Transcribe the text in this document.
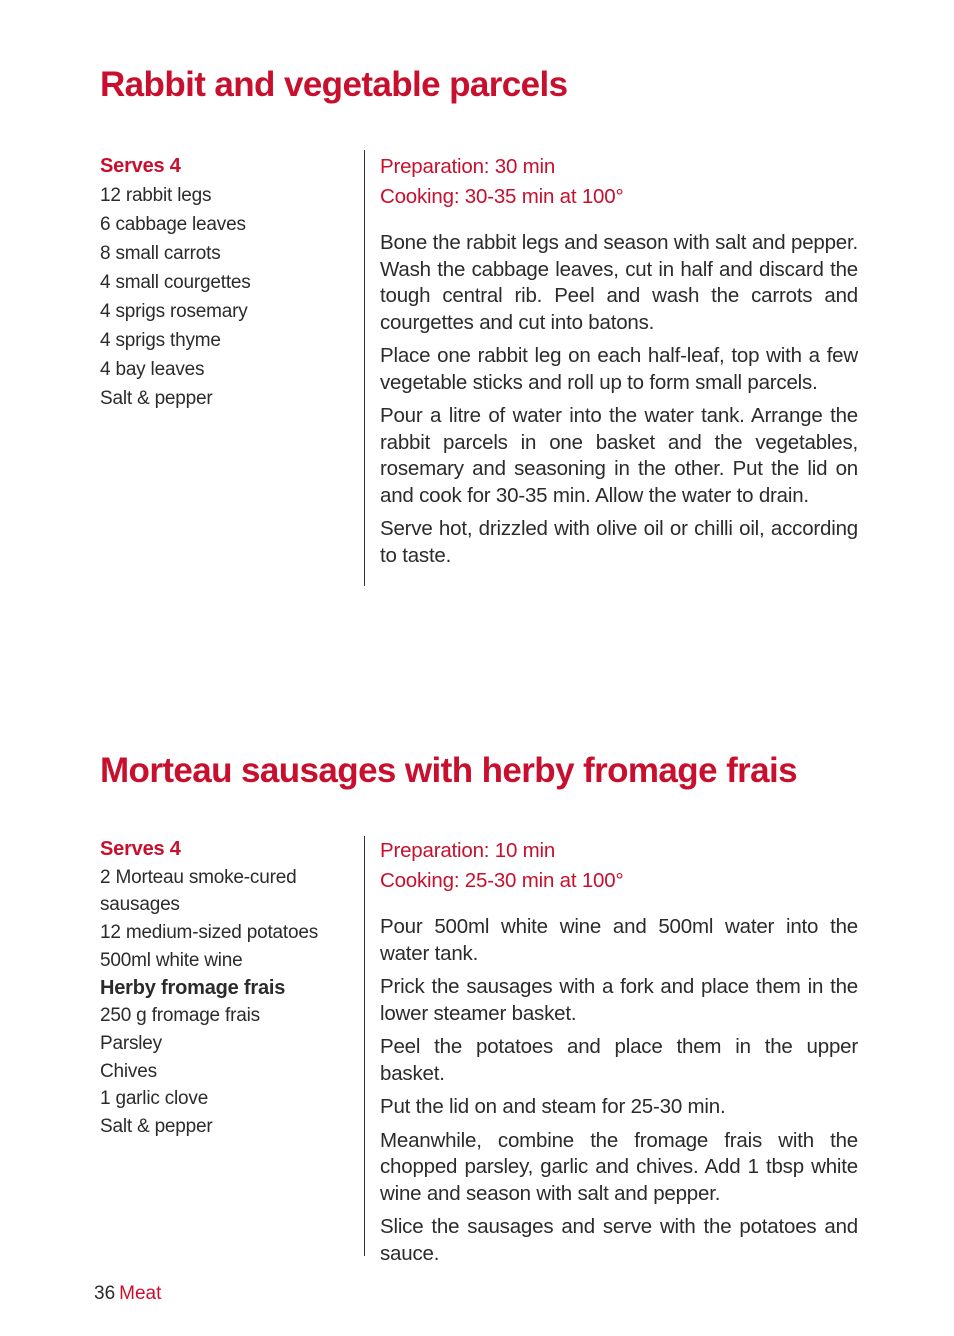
Rabbit and vegetable parcels
Serves 4
12 rabbit legs
6 cabbage leaves
8 small carrots
4 small courgettes
4 sprigs rosemary
4 sprigs thyme
4 bay leaves
Salt & pepper
Preparation: 30 min
Cooking: 30-35 min at 100°

Bone the rabbit legs and season with salt and pepper. Wash the cabbage leaves, cut in half and discard the tough central rib. Peel and wash the carrots and courgettes and cut into batons.

Place one rabbit leg on each half-leaf, top with a few vegetable sticks and roll up to form small parcels.

Pour a litre of water into the water tank. Arrange the rabbit parcels in one basket and the vegetables, rosemary and seasoning in the other. Put the lid on and cook for 30-35 min. Allow the water to drain.

Serve hot, drizzled with olive oil or chilli oil, according to taste.

Morteau sausages with herby fromage frais
Serves 4
2 Morteau smoke-cured
sausages
12 medium-sized potatoes
500ml white wine
Herby fromage frais
250 g fromage frais
Parsley
Chives
1 garlic clove
Salt & pepper
Preparation: 10 min
Cooking: 25-30 min at 100°

Pour 500ml white wine and 500ml water into the water tank.

Prick the sausages with a fork and place them in the lower steamer basket.

Peel the potatoes and place them in the upper basket.

Put the lid on and steam for 25-30 min.

Meanwhile, combine the fromage frais with the chopped parsley, garlic and chives. Add 1 tbsp white wine and season with salt and pepper.

Slice the sausages and serve with the potatoes and sauce.

36 Meat
